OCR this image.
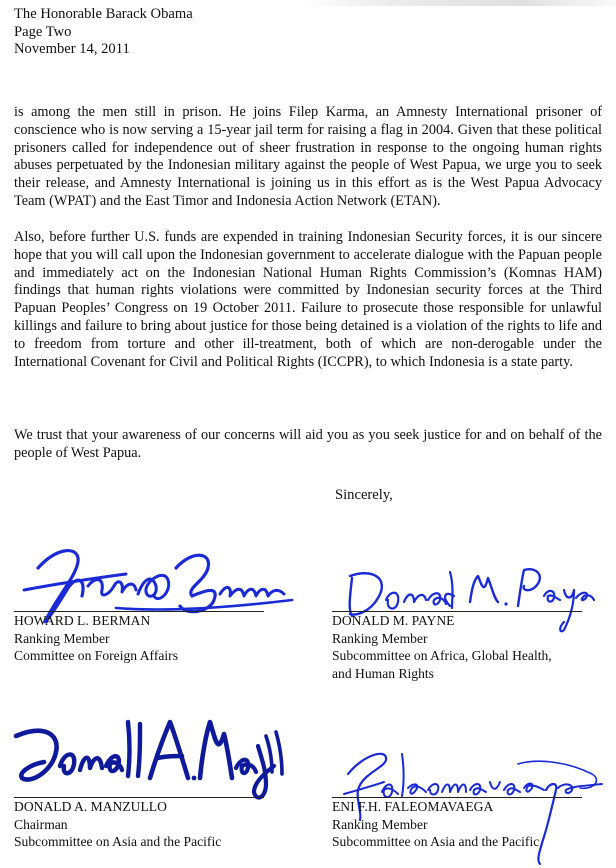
The Honorable Barack Obama
Page Two
November 14, 2011
is among the men still in prison. He joins Filep Karma, an Amnesty International prisoner of conscience who is now serving a 15-year jail term for raising a flag in 2004. Given that these political prisoners called for independence out of sheer frustration in response to the ongoing human rights abuses perpetuated by the Indonesian military against the people of West Papua, we urge you to seek their release, and Amnesty International is joining us in this effort as is the West Papua Advocacy Team (WPAT) and the East Timor and Indonesia Action Network (ETAN).
Also, before further U.S. funds are expended in training Indonesian Security forces, it is our sincere hope that you will call upon the Indonesian government to accelerate dialogue with the Papuan people and immediately act on the Indonesian National Human Rights Commission’s (Komnas HAM) findings that human rights violations were committed by Indonesian security forces at the Third Papuan Peoples’ Congress on 19 October 2011. Failure to prosecute those responsible for unlawful killings and failure to bring about justice for those being detained is a violation of the rights to life and to freedom from torture and other ill-treatment, both of which are non-derogable under the International Covenant for Civil and Political Rights (ICCPR), to which Indonesia is a state party.
We trust that your awareness of our concerns will aid you as you seek justice for and on behalf of the people of West Papua.
Sincerely,
HOWARD L. BERMAN
Ranking Member
Committee on Foreign Affairs
DONALD M. PAYNE
Ranking Member
Subcommittee on Africa, Global Health,
and Human Rights
DONALD A. MANZULLO
Chairman
Subcommittee on Asia and the Pacific
ENI F.H. FALEOMAVAEGA
Ranking Member
Subcommittee on Asia and the Pacific
